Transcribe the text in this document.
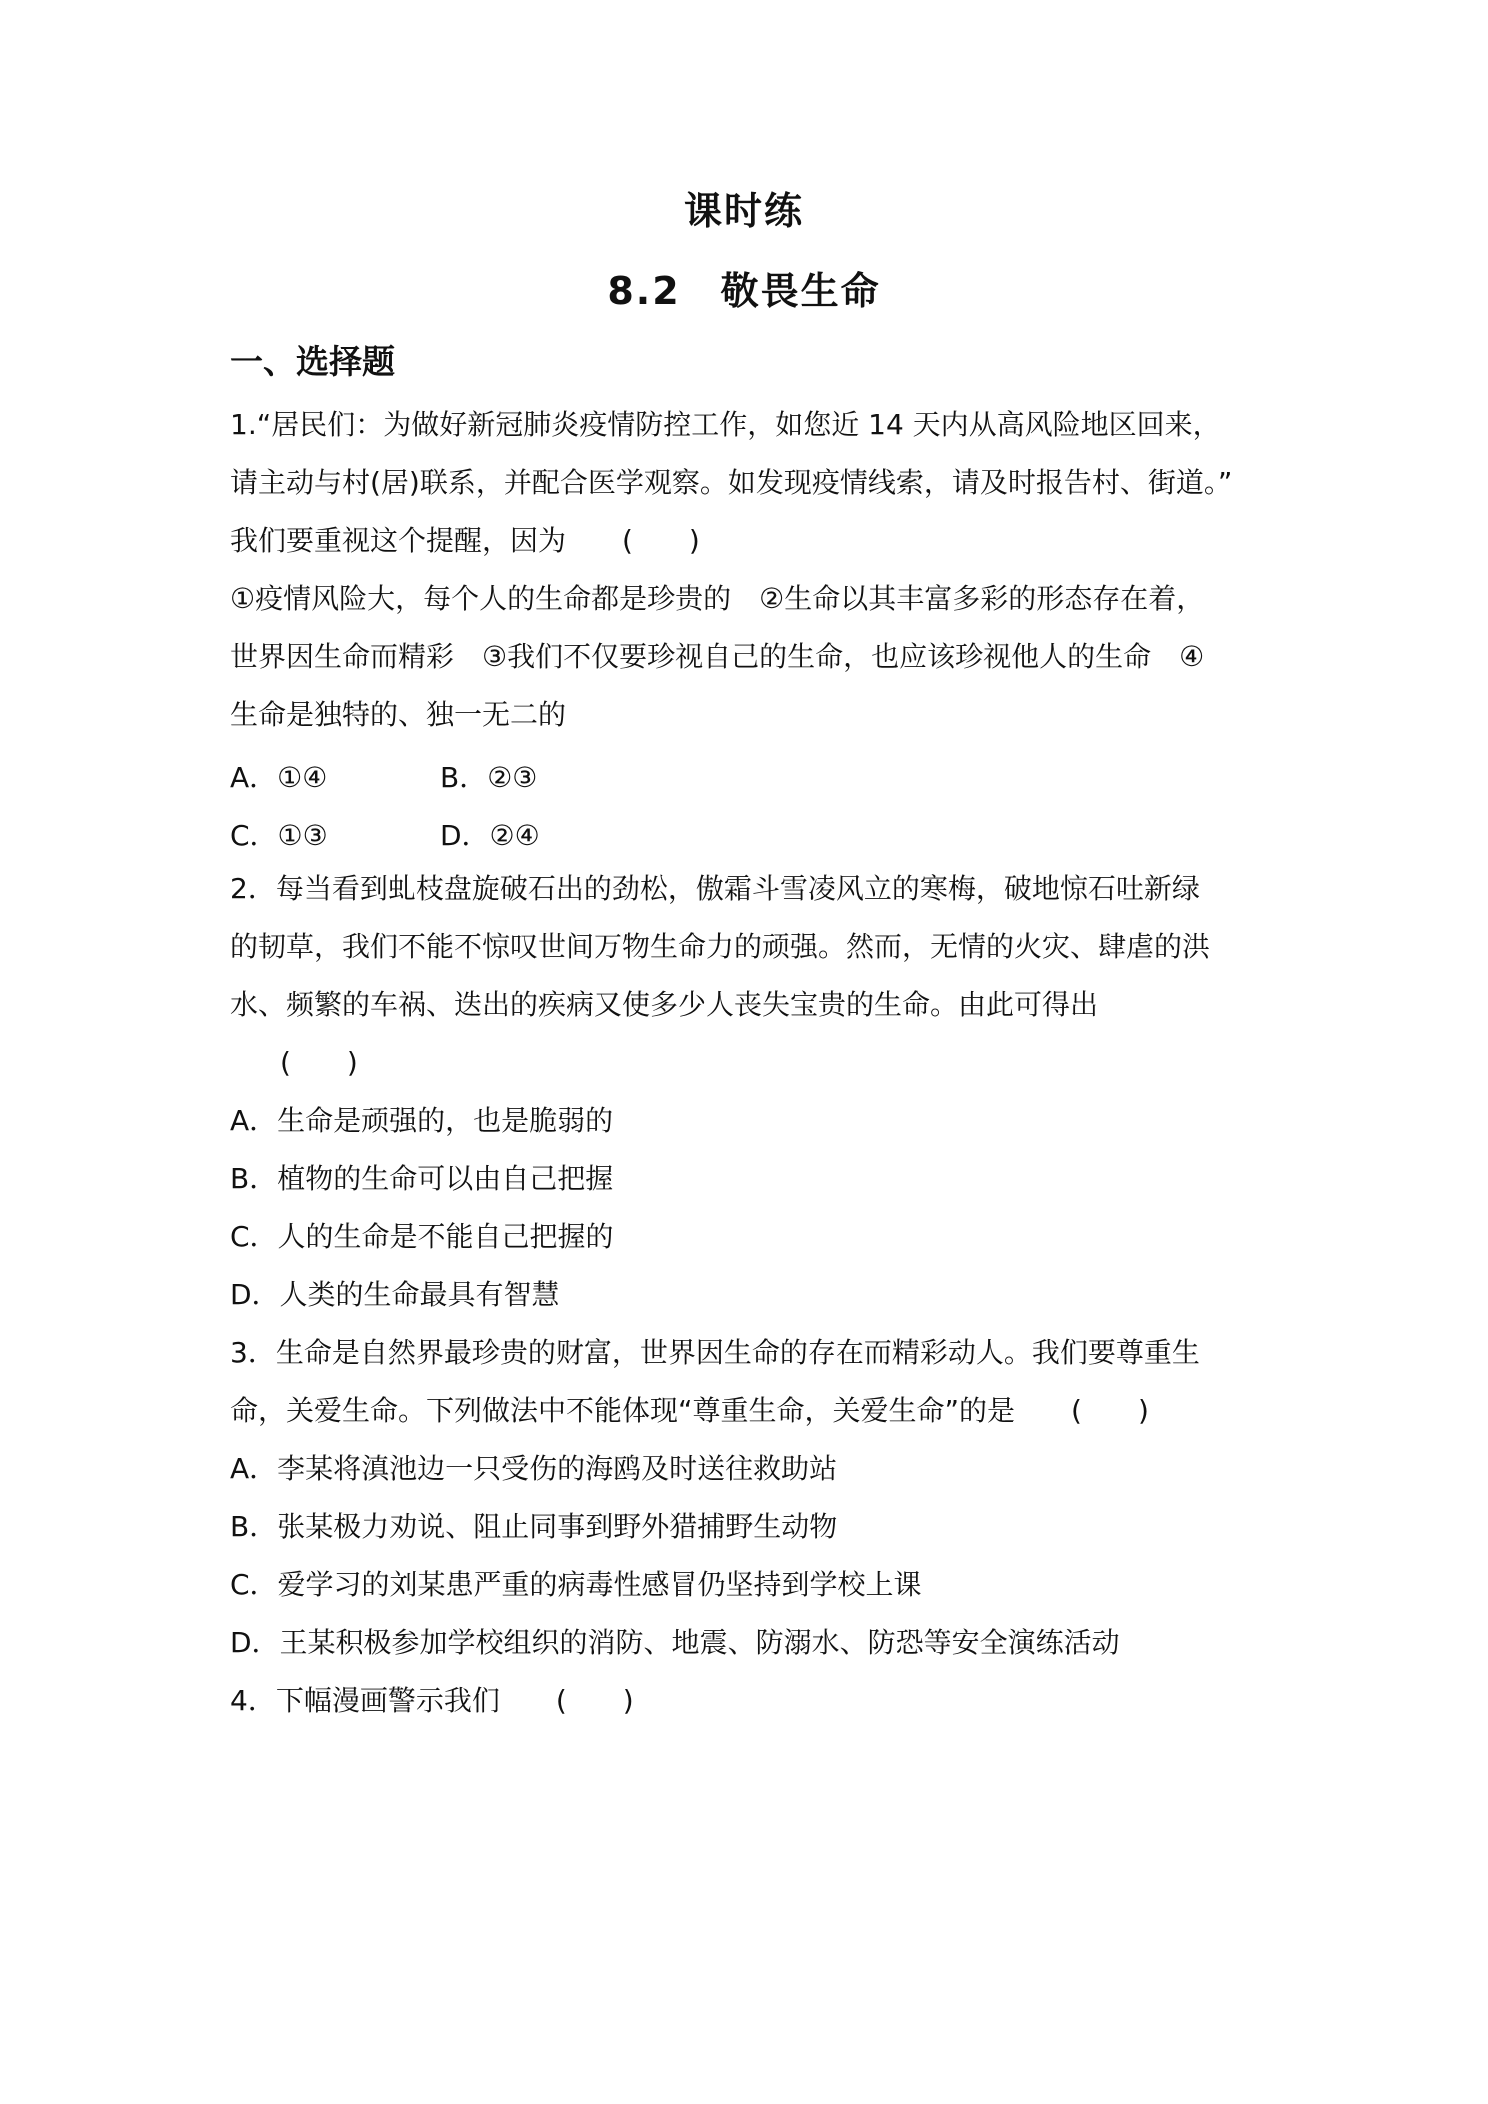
课时练
8.2　敬畏生命
一、选择题
1.“居民们：为做好新冠肺炎疫情防控工作，如您近 14 天内从高风险地区回来，
请主动与村(居)联系，并配合医学观察。如发现疫情线索，请及时报告村、街道。”
我们要重视这个提醒，因为　　(　　)
①疫情风险大，每个人的生命都是珍贵的　②生命以其丰富多彩的形态存在着，
世界因生命而精彩　③我们不仅要珍视自己的生命，也应该珍视他人的生命　④
生命是独特的、独一无二的
A．①④	B．②③
C．①③	D．②④
2．每当看到虬枝盘旋破石出的劲松，傲霜斗雪凌风立的寒梅，破地惊石吐新绿
的韧草，我们不能不惊叹世间万物生命力的顽强。然而，无情的火灾、肆虐的洪
水、频繁的车祸、迭出的疾病又使多少人丧失宝贵的生命。由此可得出
(　　)
A．生命是顽强的，也是脆弱的
B．植物的生命可以由自己把握
C．人的生命是不能自己把握的
D．人类的生命最具有智慧
3．生命是自然界最珍贵的财富，世界因生命的存在而精彩动人。我们要尊重生
命，关爱生命。下列做法中不能体现“尊重生命，关爱生命”的是　　(　　)
A．李某将滇池边一只受伤的海鸥及时送往救助站
B．张某极力劝说、阻止同事到野外猎捕野生动物
C．爱学习的刘某患严重的病毒性感冒仍坚持到学校上课
D．王某积极参加学校组织的消防、地震、防溺水、防恐等安全演练活动
4．下幅漫画警示我们　　(　　)
